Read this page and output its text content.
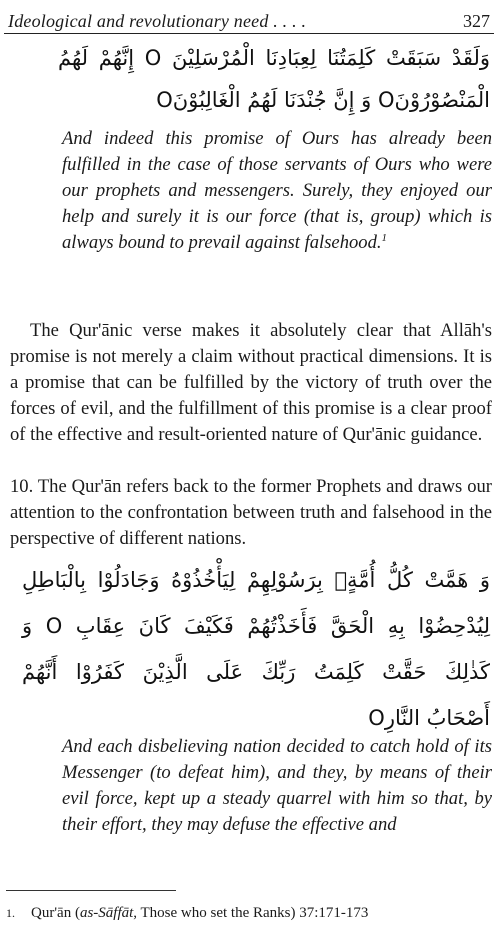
Ideological and revolutionary need . . . .	327
وَلَقَدْ سَبَقَتْ كَلِمَتُنَا لِعِبَادِنَا الْمُرْسَلِيْنَ O إِنَّهُمْ لَهُمُ
الْمَنْصُوْرُوْنَO وَ إِنَّ جُنْدَنَا لَهُمُ الْغَالِبُوْنَO
And indeed this promise of Ours has already been fulfilled in the case of those servants of Ours who were our prophets and messengers. Surely, they enjoyed our help and surely it is our force (that is, group) which is always bound to prevail against falsehood.$^1$
The Qur'ānic verse makes it absolutely clear that Allāh's promise is not merely a claim without practical dimensions. It is a promise that can be fulfilled by the victory of truth over the forces of evil, and the fulfillment of this promise is a clear proof of the effective and result-oriented nature of Qur'ānic guidance.
10. The Qur'ān refers back to the former Prophets and draws our attention to the confrontation between truth and falsehood in the perspective of different nations.
وَ هَمَّتْ كُلُّ أُمَّةٍۭ بِرَسُوْلِهِمْ لِيَأْخُذُوْهُ وَجَادَلُوْا بِالْبَاطِلِ
لِيُدْحِضُوْا بِهِ الْحَقَّ فَأَخَذْتُهُمْ فَكَيْفَ كَانَ عِقَابِ O وَ
كَذٰلِكَ حَقَّتْ كَلِمَتُ رَبِّكَ عَلَى الَّذِيْنَ كَفَرُوْا أَنَّهُمْ
أَصْحَابُ النَّارِO
And each disbelieving nation decided to catch hold of its Messenger (to defeat him), and they, by means of their evil force, kept up a steady quarrel with him so that, by their effort, they may defuse the effective and
$^{1.}$ Qur'ān (as-Sāffāt, Those who set the Ranks) 37:171-173
